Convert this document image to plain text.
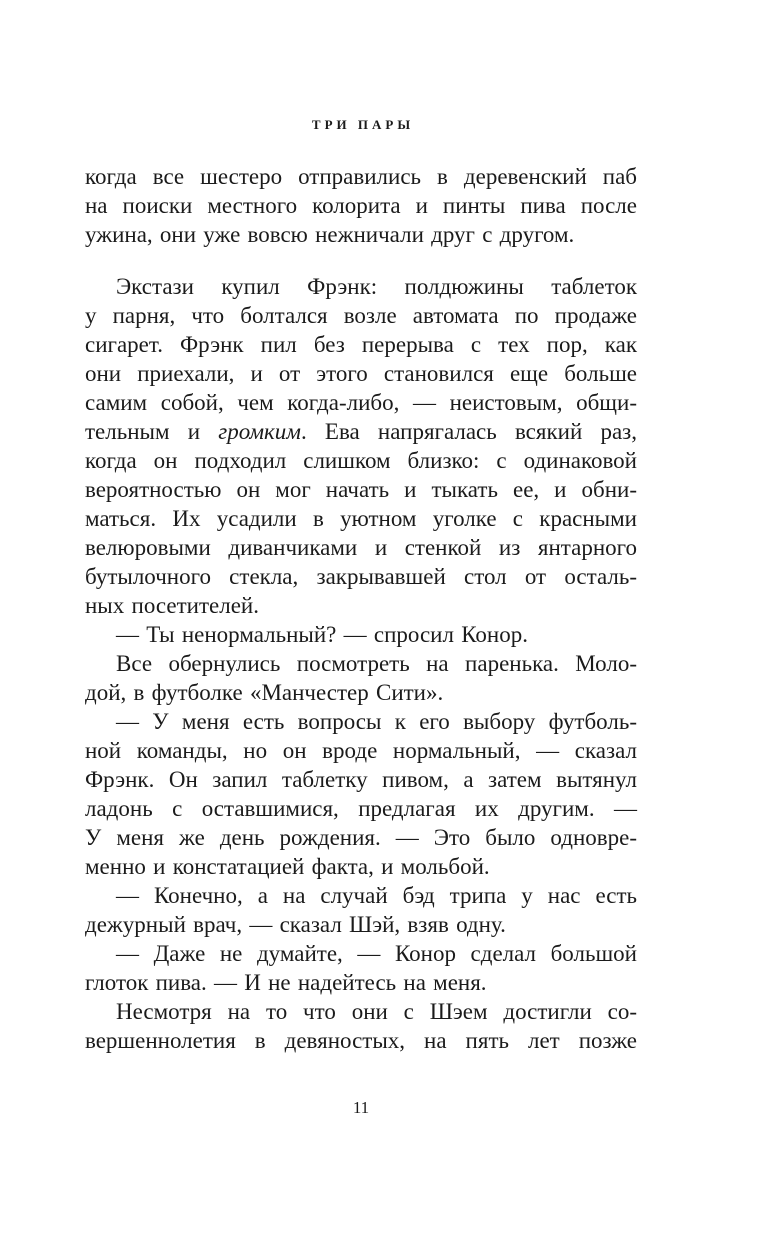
ТРИ ПАРЫ

когда все шестеро отправились в деревенский паб
на поиски местного колорита и пинты пива после
ужина, они уже вовсю нежничали друг с другом.

Экстази купил Фрэнк: полдюжины таблеток
у парня, что болтался возле автомата по продаже
сигарет. Фрэнк пил без перерыва с тех пор, как
они приехали, и от этого становился еще больше
самим собой, чем когда-либо, — неистовым, общи-
тельным и громким. Ева напрягалась всякий раз,
когда он подходил слишком близко: с одинаковой
вероятностью он мог начать и тыкать ее, и обни-
маться. Их усадили в уютном уголке с красными
велюровыми диванчиками и стенкой из янтарного
бутылочного стекла, закрывавшей стол от осталь-
ных посетителей.

— Ты ненормальный? — спросил Конор.

Все обернулись посмотреть на паренька. Моло-
дой, в футболке «Манчестер Сити».

— У меня есть вопросы к его выбору футболь-
ной команды, но он вроде нормальный, — сказал
Фрэнк. Он запил таблетку пивом, а затем вытянул
ладонь с оставшимися, предлагая их другим. —
У меня же день рождения. — Это было одновре-
менно и констатацией факта, и мольбой.

— Конечно, а на случай бэд трипа у нас есть
дежурный врач, — сказал Шэй, взяв одну.

— Даже не думайте, — Конор сделал большой
глоток пива. — И не надейтесь на меня.

Несмотря на то что они с Шэем достигли со-
вершеннолетия в девяностых, на пять лет позже

11
